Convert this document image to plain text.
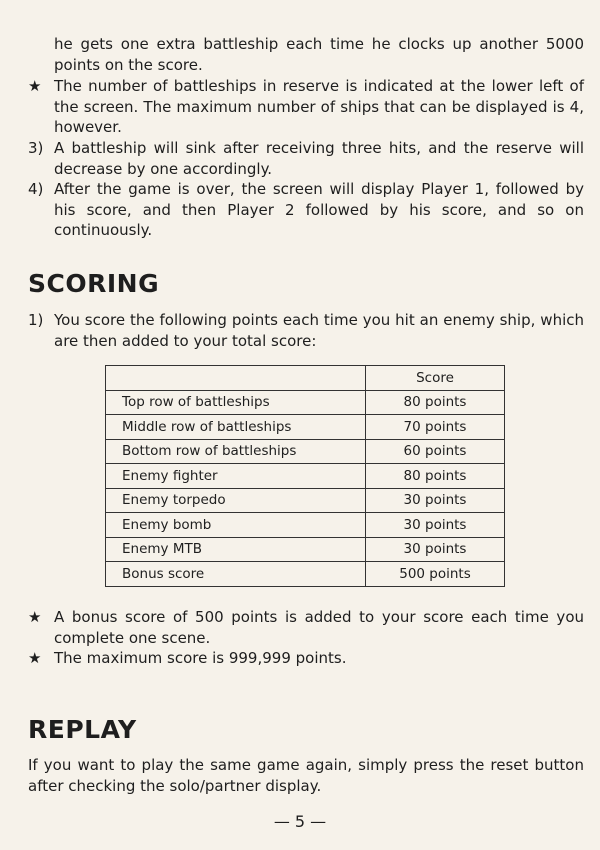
he gets one extra battleship each time he clocks up another 5000 points on the score.
★ The number of battleships in reserve is indicated at the lower left of the screen. The maximum number of ships that can be displayed is 4, however.
3) A battleship will sink after receiving three hits, and the reserve will decrease by one accordingly.
4) After the game is over, the screen will display Player 1, followed by his score, and then Player 2 followed by his score, and so on continuously.
SCORING
1) You score the following points each time you hit an enemy ship, which are then added to your total score:
	Score
Top row of battleships	80 points
Middle row of battleships	70 points
Bottom row of battleships	60 points
Enemy fighter	80 points
Enemy torpedo	30 points
Enemy bomb	30 points
Enemy MTB	30 points
Bonus score	500 points
★ A bonus score of 500 points is added to your score each time you complete one scene.
★ The maximum score is 999,999 points.
REPLAY
If you want to play the same game again, simply press the reset button after checking the solo/partner display.
— 5 —
